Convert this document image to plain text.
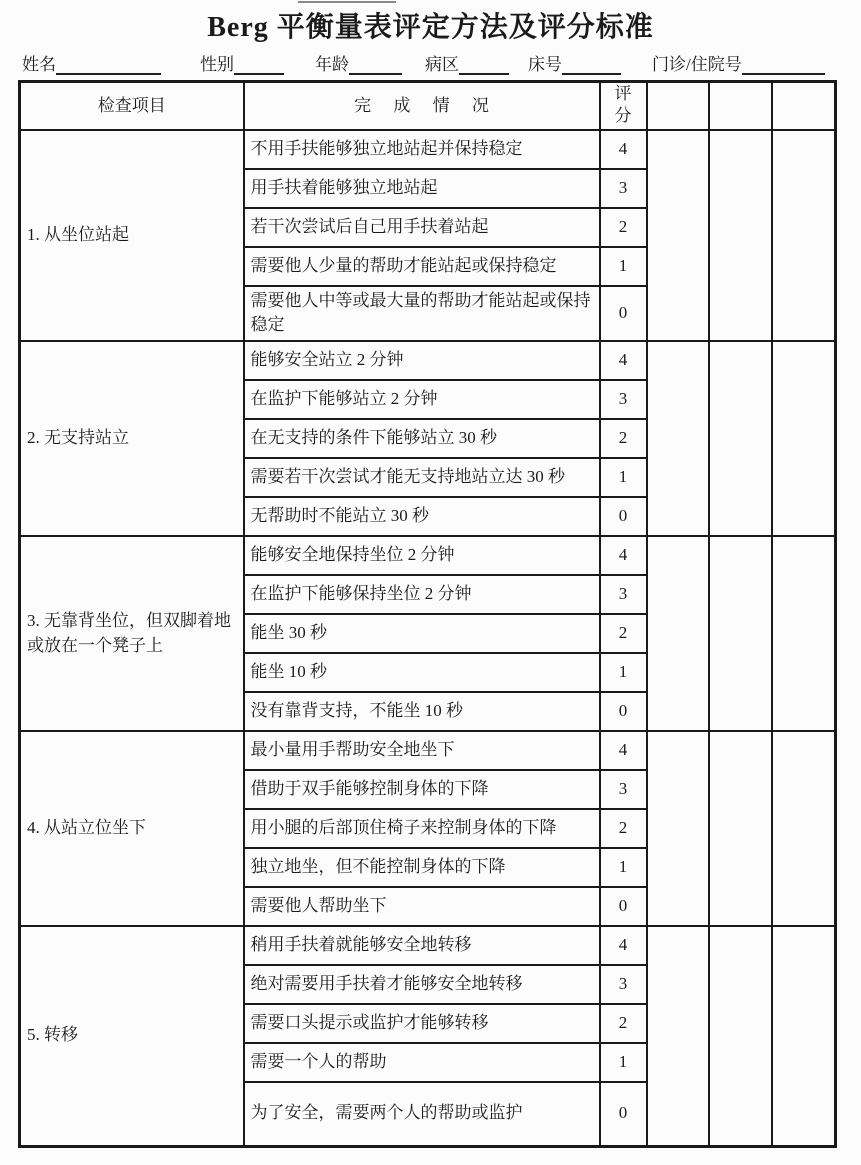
Berg 平衡量表评定方法及评分标准
姓名	性别	年龄	病区	床号	门诊/住院号
检查项目	完 成 情 况	评分			
1. 从坐位站起	不用手扶能够独立地站起并保持稳定	4			
	用手扶着能够独立地站起	3			
	若干次尝试后自己用手扶着站起	2			
	需要他人少量的帮助才能站起或保持稳定	1			
	需要他人中等或最大量的帮助才能站起或保持稳定	0			
2. 无支持站立	能够安全站立 2 分钟	4			
	在监护下能够站立 2 分钟	3			
	在无支持的条件下能够站立 30 秒	2			
	需要若干次尝试才能无支持地站立达 30 秒	1			
	无帮助时不能站立 30 秒	0			
3. 无靠背坐位，但双脚着地或放在一个凳子上	能够安全地保持坐位 2 分钟	4			
	在监护下能够保持坐位 2 分钟	3			
	能坐 30 秒	2			
	能坐 10 秒	1			
	没有靠背支持，不能坐 10 秒	0			
4. 从站立位坐下	最小量用手帮助安全地坐下	4			
	借助于双手能够控制身体的下降	3			
	用小腿的后部顶住椅子来控制身体的下降	2			
	独立地坐，但不能控制身体的下降	1			
	需要他人帮助坐下	0			
5. 转移	稍用手扶着就能够安全地转移	4			
	绝对需要用手扶着才能够安全地转移	3			
	需要口头提示或监护才能够转移	2			
	需要一个人的帮助	1			
	为了安全，需要两个人的帮助或监护	0			
